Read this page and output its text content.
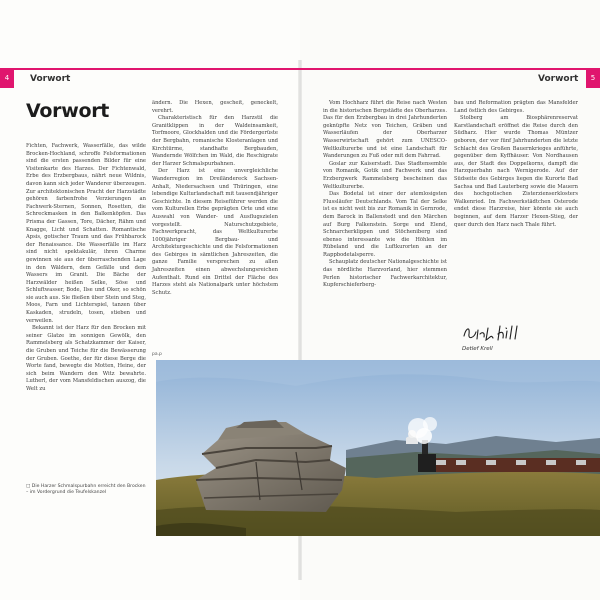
4	5
Vorwort	Vorwort
Vorwort

Fichten, Fachwerk, Wasserfälle, das wilde Brocken-Hochland, schroffe Felsformationen sind die ersten passenden Bilder für eine Visitenkarte des Harzes. Der Fichtenwald, Erbe des Erzbergbaus, nährt neue Wildnis, davon kann sich jeder Wanderer überzeugen. Zur architektonischen Pracht der Harzstädte gehören farbenfrohe Verzierungen an Fachwerk-Sternen, Sonnen, Rosetten, die Schreckmasken in den Balkenköpfen. Das Prisma der Gassen, Tore, Dächer, Rähm und Knagge, Licht und Schatten. Romantische Apsis, gotischer Traum und das Frühbarock der Renaissance. Die Wasserfälle im Harz sind nicht spektakulär, ihren Charme gewinnen sie aus der überraschenden Lage in den Wäldern, dem Gefälle und dem Wassers im Granit. Die Bäche der Harzwälder heißen Selke, Söse und Schluftwasser, Bode, Ilse und Oker, so schön sie auch aus. Sie fließen über Stein und Steg, Moos, Farn und Lichterspiel, tanzen über Kaskaden, strudeln, tosen, stieben und verweilen.

Bekannt ist der Harz für den Brocken mit seiner Glatze im sonnigen Gewölk, den Rammelsberg als Schatzkammer der Kaiser, die Gruben und Teiche für die Bewässerung der Gruben. Goethe, der für diese Berge die Worte fand, bewegte die Motten, Heine, der sich beim Wandern den Witz bewahrte. Lutherl, der vom Mansfeldischen auszog, die Welt zu

ändern. Die Hexen, gescheit, geneckelt, verehrt.

Charakteristisch für den Harzstil die Granitklippen in der Waldeinsamkeit, Torfmoore, Glockhalden und die Fördergerüste der Bergbahn, romanische Klosteranlagen und Kirchtürme, standhafte Bergbauden, Wandernde Wölfchen im Wald, die Reschigrate der Harzer Schmalspurbahnen.

Der Harz ist eine unvergleichliche Wanderregion im Dreiländereck Sachsen-Anhalt, Niedersachsen und Thüringen, eine lebendige Kulturlandschaft mit tausendjähriger Geschichte. In diesem Reiseführer werden die vom Kulturellen Erbe geprägten Orte und eine Auswahl von Wander- und Ausflugszielen vorgestellt. Naturschutzgebiete, Fachwerkpracht, das Weltkulturerbe 1000jähriger Bergbau- und Architekturgeschichte und die Felsformationen des Gebirges in sämtlichen Jahreszeiten, die ganze Familie versprechen zu allen Jahreszeiten einen abwechslungsreichen Aufenthalt. Rund ein Drittel der Fläche des Harzes steht als Nationalpark unter höchstem Schutz.

Vom Hochharz führt die Reise nach Westen in die historischen Bergstädte des Oberharzes. Das für den Erzbergbau in drei Jahrhunderten geknüpfte Netz von Teichen, Gräben und Wasserläufen der Oberharzer Wasserwirtschaft gehört zum UNESCO-Weltkulturerbe und ist eine Landschaft für Wanderungen zu Fuß oder mit dem Fahrrad.

Goslar zur Kaiserstadt. Das Stadtensemble von Romanik, Gotik und Fachwerk und das Erzbergwerk Rammelsberg bescheinen das Weltkulturerbe.

Das Bodetal ist einer der atemlosigsten Flussläufer Deutschlands. Vom Tal der Selke ist es nicht weit bis zur Romanik in Gernrode, dem Barock in Ballenstedt und den Märchen auf Burg Falkenstein. Sorge und Elend, Schnarcherklippen und Stöcheniberg sind ebenso interessante wie die Höhlen im Rübeland und die Luftkurorten an der Rappbodetalsperre.

Schauplatz deutscher Nationalgeschichte ist das nördliche Harzvorland, hier stemmen Perlen historischer Fachwerkarchitektur, Kupferschieferberg-

bau und Reformation prägten das Mansfelder Land östlich des Gebirges.

Stolberg am Biosphärenreservat Karstlandschaft eröffnet die Reise durch den Südharz. Hier wurde Thomas Müntzer geboren, der vor fünf Jahrhunderten die letzte Schlacht des Großen Bauernkrieges anführte, gegenüber dem Kyffhäuser. Von Nordhausen aus, der Stadt des Doppelkorns, dampft die Harzquerbahn nach Wernigerode. Auf der Südseite des Gebirges liegen die Kurorte Bad Sachsa und Bad Lauterberg sowie die Mauern des hochgotischen Zisterzienserklosters Walkenried. Im Fachwerkstädtchen Osterode endet diese Harzreise, hier könnte sie auch beginnen, auf dem Harzer Hexen-Stieg, der quer durch den Harz nach Thale führt.

Detlef Krell
pa.p
□ Die Harzer Schmalspurbahn erreicht den Brocken – im Vordergrund die Teufelskanzel
